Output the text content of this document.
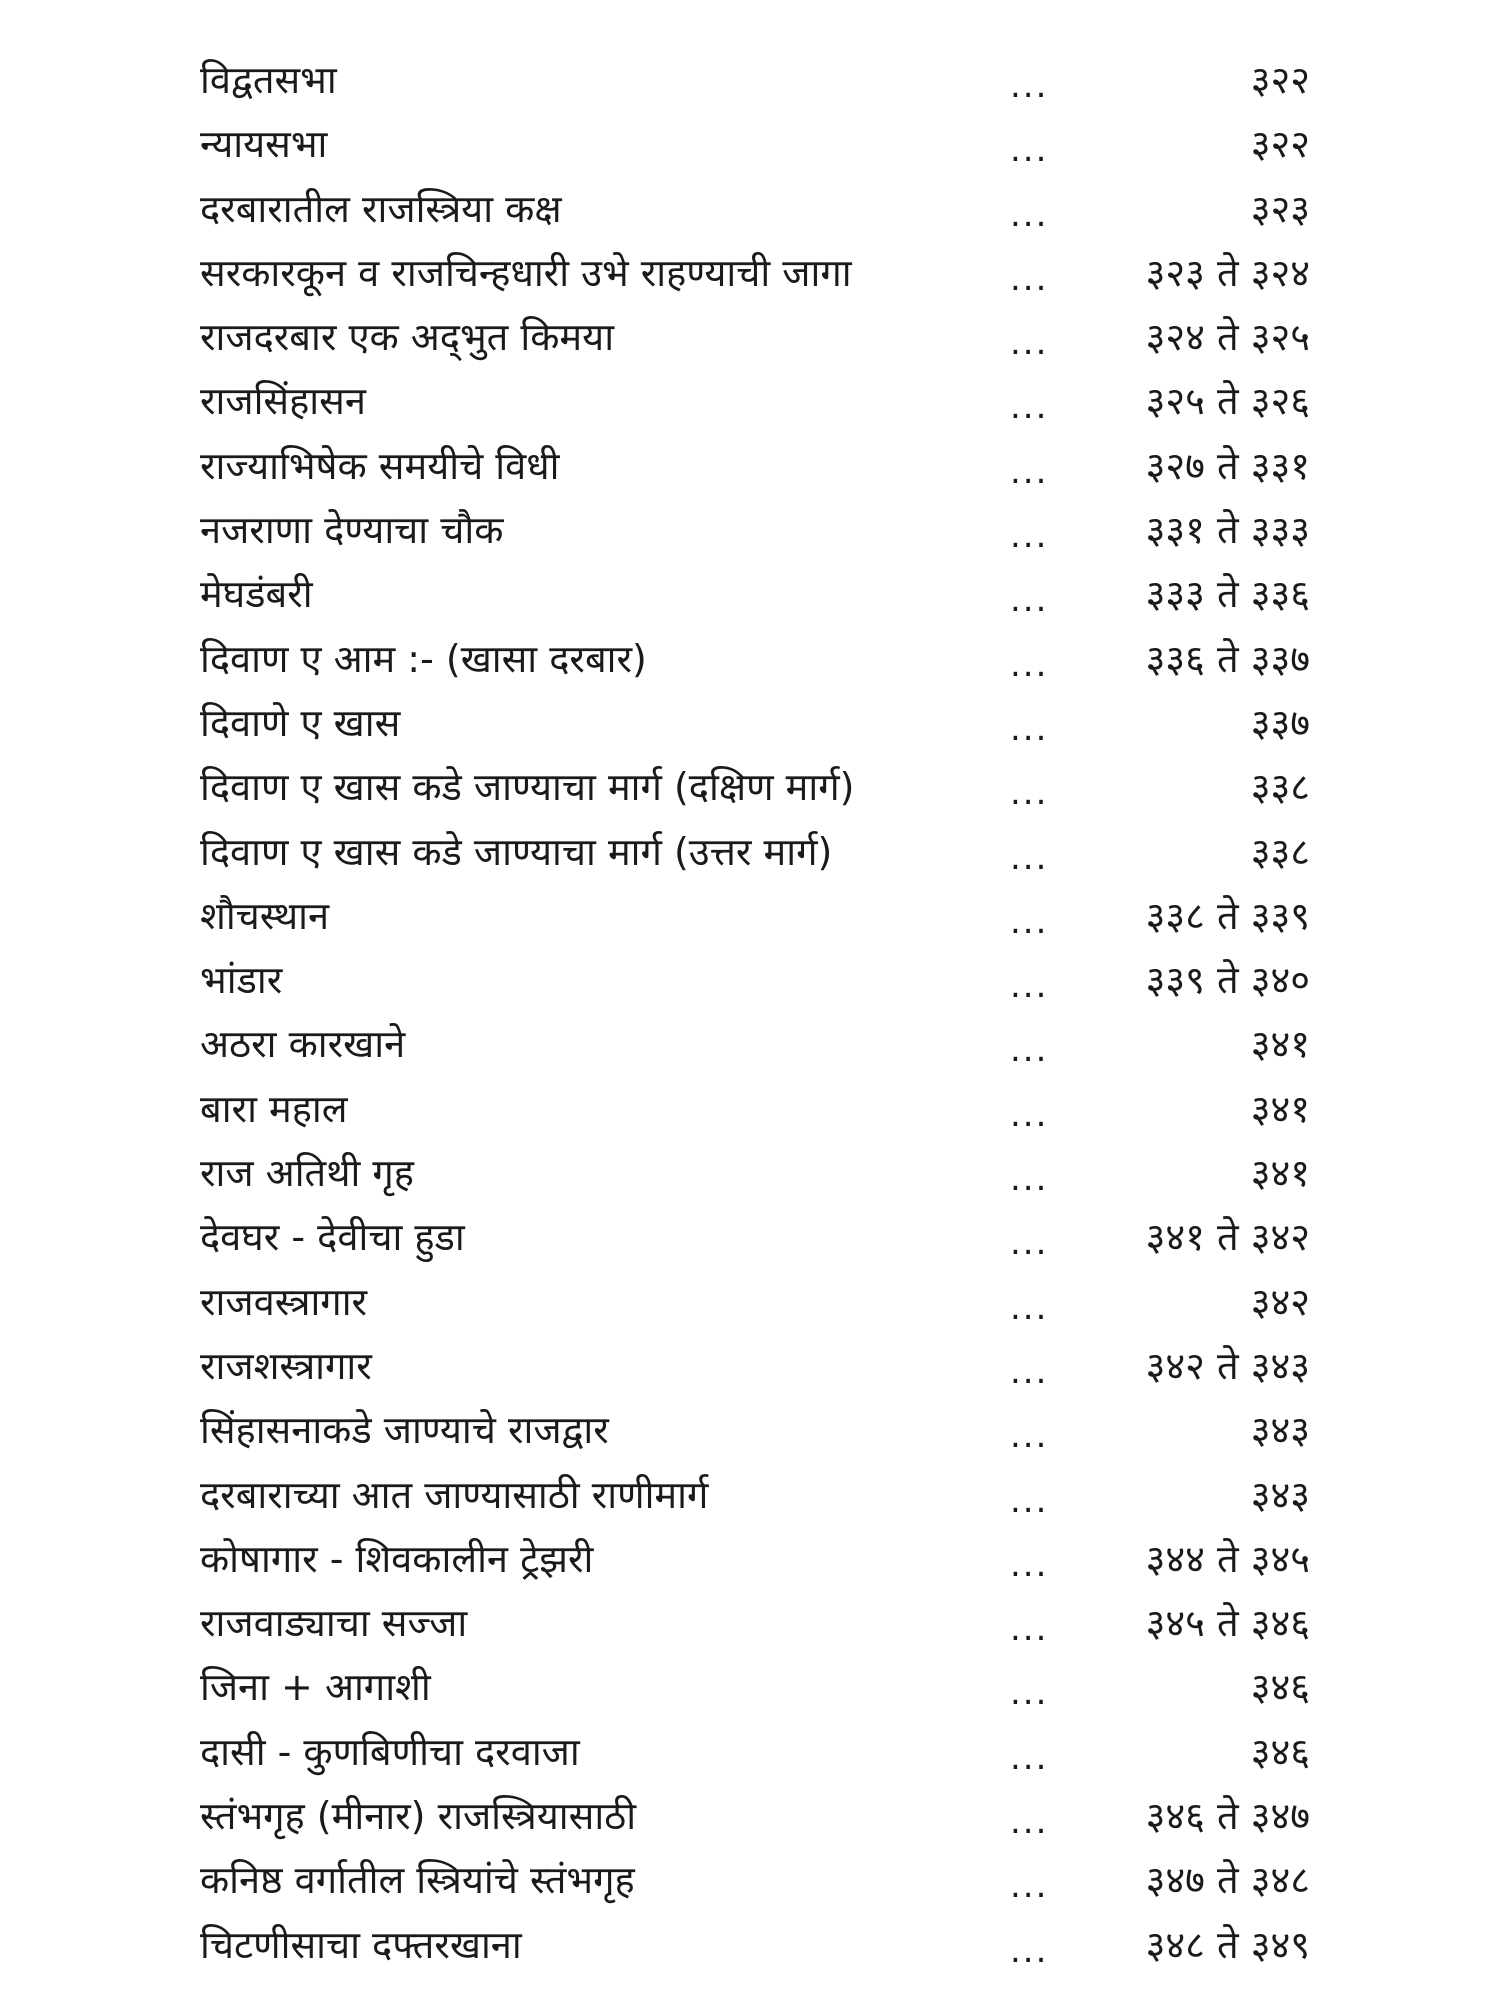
विद्वतसभा	...	३२२
न्यायसभा	...	३२२
दरबारातील राजस्त्रिया कक्ष	...	३२३
सरकारकून व राजचिन्हधारी उभे राहण्याची जागा	...	३२३ ते ३२४
राजदरबार एक अद्‌भुत किमया	...	३२४ ते ३२५
राजसिंहासन	...	३२५ ते ३२६
राज्याभिषेक समयीचे विधी	...	३२७ ते ३३१
नजराणा देण्याचा चौक	...	३३१ ते ३३३
मेघडंबरी	...	३३३ ते ३३६
दिवाण ए आम :- (खासा दरबार)	...	३३६ ते ३३७
दिवाणे ए खास	...	३३७
दिवाण ए खास कडे जाण्याचा मार्ग (दक्षिण मार्ग)	...	३३८
दिवाण ए खास कडे जाण्याचा मार्ग (उत्तर मार्ग)	...	३३८
शौचस्थान	...	३३८ ते ३३९
भांडार	...	३३९ ते ३४०
अठरा कारखाने	...	३४१
बारा महाल	...	३४१
राज अतिथी गृह	...	३४१
देवघर - देवीचा हुडा	...	३४१ ते ३४२
राजवस्त्रागार	...	३४२
राजशस्त्रागार	...	३४२ ते ३४३
सिंहासनाकडे जाण्याचे राजद्वार	...	३४३
दरबाराच्या आत जाण्यासाठी राणीमार्ग	...	३४३
कोषागार - शिवकालीन ट्रेझरी	...	३४४ ते ३४५
राजवाड्याचा सज्जा	...	३४५ ते ३४६
जिना + आगाशी	...	३४६
दासी - कुणबिणीचा दरवाजा	...	३४६
स्तंभगृह (मीनार) राजस्त्रियासाठी	...	३४६ ते ३४७
कनिष्ठ वर्गातील स्त्रियांचे स्तंभगृह	...	३४७ ते ३४८
चिटणीसाचा दफ्तरखाना	...	३४८ ते ३४९
